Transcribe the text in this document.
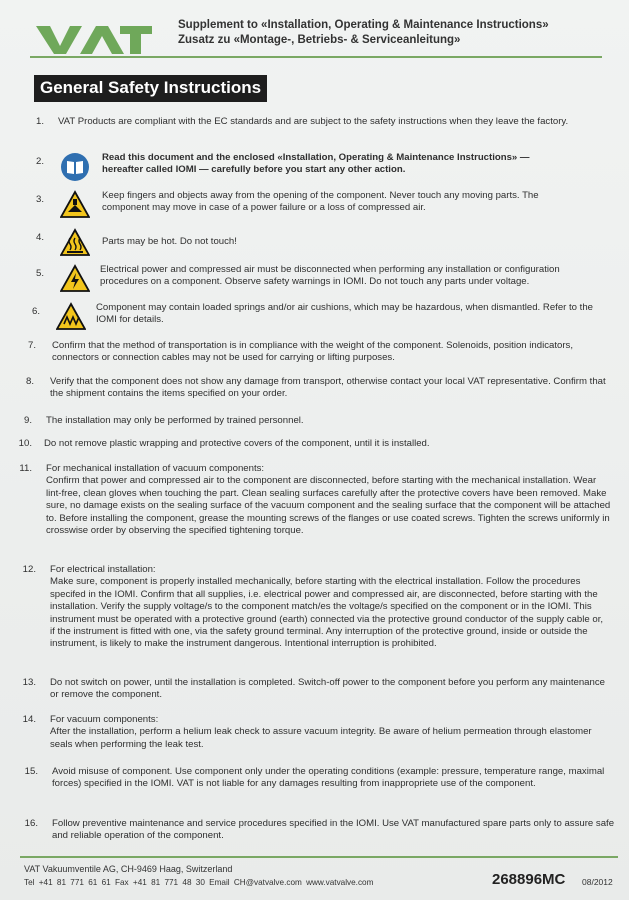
Supplement to «Installation, Operating & Maintenance Instructions»
Zusatz zu «Montage-, Betriebs- & Serviceanleitung»
General Safety Instructions
1. VAT Products are compliant with the EC standards and are subject to the safety instructions when they leave the factory.
2.	Read this document and the enclosed «Installation, Operating & Maintenance Instructions» — hereafter called IOMI — carefully before you start any other action.
3.	Keep fingers and objects away from the opening of the component. Never touch any moving parts. The component may move in case of a power failure or a loss of compressed air.
4.	Parts may be hot. Do not touch!
5.	Electrical power and compressed air must be disconnected when performing any installation or configuration procedures on a component. Observe safety warnings in IOMI. Do not touch any parts under voltage.
6.	Component may contain loaded springs and/or air cushions, which may be hazardous, when dismantled. Refer to the IOMI for details.
7. Confirm that the method of transportation is in compliance with the weight of the component. Solenoids, position indicators, connectors or connection cables may not be used for carrying or lifting purposes.
8. Verify that the component does not show any damage from transport, otherwise contact your local VAT representative. Confirm that the shipment contains the items specified on your order.
9. The installation may only be performed by trained personnel.
10. Do not remove plastic wrapping and protective covers of the component, until it is installed.
11. For mechanical installation of vacuum components:
Confirm that power and compressed air to the component are disconnected, before starting with the mechanical installation. Wear lint-free, clean gloves when touching the part. Clean sealing surfaces carefully after the protective covers have been removed. Make sure, no damage exists on the sealing surface of the vacuum component and the sealing surface that the component will be attached to. Before installing the component, grease the mounting screws of the flanges or use coated screws. Tighten the screws uniformly in crosswise order by observing the specified tightening torque.
12. For electrical installation:
Make sure, component is properly installed mechanically, before starting with the electrical installation. Follow the procedures specifed in the IOMI. Confirm that all supplies, i.e. electrical power and compressed air, are disconnected, before starting with the installation. Verify the supply voltage/s to the component match/es the voltage/s specified on the component or in the IOMI. This instrument must be operated with a protective ground (earth) connected via the protective ground conductor of the supply cable or, if the instrument is fitted with one, via the safety ground terminal. Any interruption of the protective ground, inside or outside the instrument, is likely to make the instrument dangerous. Intentional interruption is prohibited.
13. Do not switch on power, until the installation is completed. Switch-off power to the component before you perform any maintenance or remove the component.
14. For vacuum components:
After the installation, perform a helium leak check to assure vacuum integrity. Be aware of helium permeation through elastomer seals when performing the leak test.
15. Avoid misuse of component. Use component only under the operating conditions (example: pressure, temperature range, maximal forces) specified in the IOMI. VAT is not liable for any damages resulting from inappropriete use of the component.
16. Follow preventive maintenance and service procedures specified in the IOMI. Use VAT manufactured spare parts only to assure safe and reliable operation of the component.
VAT Vakuumventile AG, CH-9469 Haag, Switzerland
Tel +41 81 771 61 61 Fax +41 81 771 48 30 Email CH@vatvalve.com www.vatvalve.com	268896MC 08/2012
